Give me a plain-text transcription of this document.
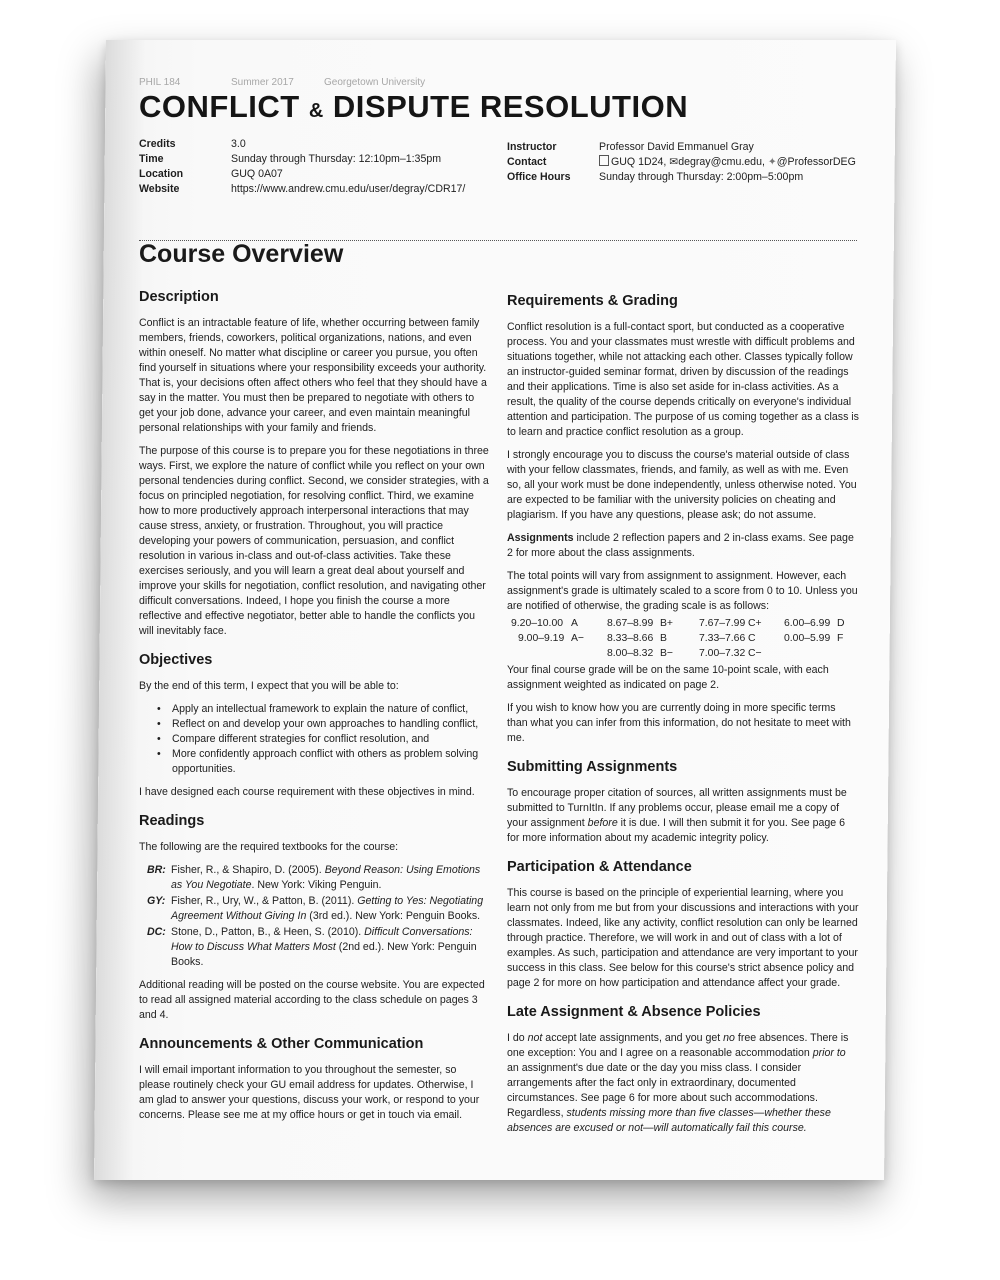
PHIL 184	Summer 2017	Georgetown University
CONFLICT & DISPUTE RESOLUTION
Credits
Time
Location
Website
3.0
Sunday through Thursday: 12:10pm–1:35pm
GUQ 0A07
https://www.andrew.cmu.edu/user/degray/CDR17/
Instructor
Contact
Office Hours
Professor David Emmanuel Gray
GUQ 1D24, ✉degray@cmu.edu, ✦@ProfessorDEG
Sunday through Thursday: 2:00pm–5:00pm
Course Overview
Description

Conflict is an intractable feature of life, whether occurring between family members, friends, coworkers, political organizations, nations, and even within oneself. No matter what discipline or career you pursue, you often find yourself in situations where your responsibility exceeds your authority. That is, your decisions often affect others who feel that they should have a say in the matter. You must then be prepared to negotiate with others to get your job done, advance your career, and even maintain meaningful personal relationships with your family and friends.

The purpose of this course is to prepare you for these negotiations in three ways. First, we explore the nature of conflict while you reflect on your own personal tendencies during conflict. Second, we consider strategies, with a focus on principled negotiation, for resolving conflict. Third, we examine how to more productively approach interpersonal interactions that may cause stress, anxiety, or frustration. Throughout, you will practice developing your powers of communication, persuasion, and conflict resolution in various in-class and out-of-class activities. Take these exercises seriously, and you will learn a great deal about yourself and improve your skills for negotiation, conflict resolution, and navigating other difficult conversations. Indeed, I hope you finish the course a more reflective and effective negotiator, better able to handle the conflicts you will inevitably face.

Objectives

By the end of this term, I expect that you will be able to:

• Apply an intellectual framework to explain the nature of conflict,
• Reflect on and develop your own approaches to handling conflict,
• Compare different strategies for conflict resolution, and
• More confidently approach conflict with others as problem solving opportunities.

I have designed each course requirement with these objectives in mind.

Readings

The following are the required textbooks for the course:

BR: Fisher, R., & Shapiro, D. (2005). Beyond Reason: Using Emotions as You Negotiate. New York: Viking Penguin.
GY: Fisher, R., Ury, W., & Patton, B. (2011). Getting to Yes: Negotiating Agreement Without Giving In (3rd ed.). New York: Penguin Books.
DC: Stone, D., Patton, B., & Heen, S. (2010). Difficult Conversations: How to Discuss What Matters Most (2nd ed.). New York: Penguin Books.

Additional reading will be posted on the course website. You are expected to read all assigned material according to the class schedule on pages 3 and 4.

Announcements & Other Communication

I will email important information to you throughout the semester, so please routinely check your GU email address for updates. Otherwise, I am glad to answer your questions, discuss your work, or respond to your concerns. Please see me at my office hours or get in touch via email.

Requirements & Grading

Conflict resolution is a full-contact sport, but conducted as a cooperative process. You and your classmates must wrestle with difficult problems and situations together, while not attacking each other. Classes typically follow an instructor-guided seminar format, driven by discussion of the readings and their applications. Time is also set aside for in-class activities. As a result, the quality of the course depends critically on everyone's individual attention and participation. The purpose of us coming together as a class is to learn and practice conflict resolution as a group.

I strongly encourage you to discuss the course's material outside of class with your fellow classmates, friends, and family, as well as with me. Even so, all your work must be done independently, unless otherwise noted. You are expected to be familiar with the university policies on cheating and plagiarism. If you have any questions, please ask; do not assume.

Assignments include 2 reflection papers and 2 in-class exams. See page 2 for more about the class assignments.

The total points will vary from assignment to assignment. However, each assignment's grade is ultimately scaled to a score from 0 to 10. Unless you are notified of otherwise, the grading scale is as follows:

9.20–10.00 A
9.00–9.19 A−
8.67–8.99 B+
8.33–8.66 B
8.00–8.32 B−
7.67–7.99 C+
7.33–7.66 C
7.00–7.32 C−
6.00–6.99 D
0.00–5.99 F

Your final course grade will be on the same 10-point scale, with each assignment weighted as indicated on page 2.

If you wish to know how you are currently doing in more specific terms than what you can infer from this information, do not hesitate to meet with me.

Submitting Assignments

To encourage proper citation of sources, all written assignments must be submitted to TurnItIn. If any problems occur, please email me a copy of your assignment before it is due. I will then submit it for you. See page 6 for more information about my academic integrity policy.

Participation & Attendance

This course is based on the principle of experiential learning, where you learn not only from me but from your discussions and interactions with your classmates. Indeed, like any activity, conflict resolution can only be learned through practice. Therefore, we will work in and out of class with a lot of examples. As such, participation and attendance are very important to your success in this class. See below for this course's strict absence policy and page 2 for more on how participation and attendance affect your grade.

Late Assignment & Absence Policies

I do not accept late assignments, and you get no free absences. There is one exception: You and I agree on a reasonable accommodation prior to an assignment's due date or the day you miss class. I consider arrangements after the fact only in extraordinary, documented circumstances. See page 6 for more about such accommodations. Regardless, students missing more than five classes—whether these absences are excused or not—will automatically fail this course.
